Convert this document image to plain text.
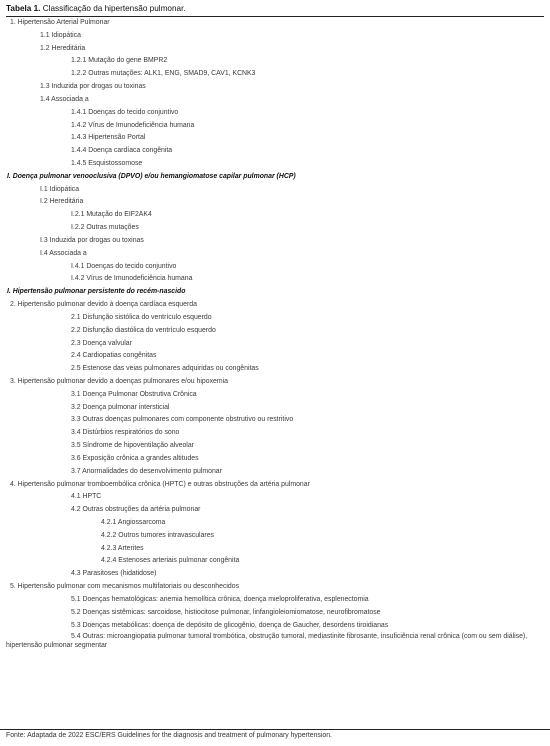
Tabela 1. Classificação da hipertensão pulmonar.
1. Hipertensão Arterial Pulmonar
1.1 Idiopática
1.2 Hereditária
1.2.1 Mutação do gene BMPR2
1.2.2 Outras mutações: ALK1, ENG, SMAD9, CAV1, KCNK3
1.3 Induzida por drogas ou toxinas
1.4 Associada a
1.4.1 Doenças do tecido conjuntivo
1.4.2 Vírus de Imunodeficiência humana
1.4.3 Hipertensão Portal
1.4.4 Doença cardíaca congênita
1.4.5 Esquistossomose
I. Doença pulmonar venooclusiva (DPVO) e/ou hemangiomatose capilar pulmonar (HCP)
I.1 Idiopática
I.2 Hereditária
I.2.1 Mutação do EIF2AK4
I.2.2 Outras mutações
I.3 Induzida por drogas ou toxinas
I.4 Associada a
I.4.1 Doenças do tecido conjuntivo
I.4.2 Vírus de Imunodeficiência humana
I. Hipertensão pulmonar persistente do recém-nascido
2. Hipertensão pulmonar devido à doença cardíaca esquerda
2.1 Disfunção sistólica do ventrículo esquerdo
2.2 Disfunção diastólica do ventrículo esquerdo
2.3 Doença valvular
2.4 Cardiopatias congênitas
2.5 Estenose das veias pulmonares adquiridas ou congênitas
3. Hipertensão pulmonar devido a doenças pulmonares e/ou hipoxemia
3.1 Doença Pulmonar Obstrutiva Crônica
3.2 Doença pulmonar intersticial
3.3 Outras doenças pulmonares com componente obstrutivo ou restritivo
3.4 Distúrbios respiratórios do sono
3.5 Síndrome de hipoventilação alveolar
3.6 Exposição crônica a grandes altitudes
3.7 Anormalidades do desenvolvimento pulmonar
4. Hipertensão pulmonar tromboembólica crônica (HPTC) e outras obstruções da artéria pulmonar
4.1 HPTC
4.2 Outras obstruções da artéria pulmonar
4.2.1 Angiossarcoma
4.2.2 Outros tumores intravasculares
4.2.3 Arterites
4.2.4 Estenoses arteriais pulmonar congênita
4.3 Parasitoses (hidatidose)
5. Hipertensão pulmonar com mecanismos multifatoriais ou desconhecidos
5.1 Doenças hematológicas: anemia hemolítica crônica, doença mieloproliferativa, esplenectomia
5.2 Doenças sistêmicas: sarcoidose, histiocitose pulmonar, linfangioleiomiomatose, neurofibromatose
5.3 Doenças metabólicas: doença de depósito de glicogênio, doença de Gaucher, desordens tiroidianas
5.4 Outras: microangiopatia pulmonar tumoral trombótica, obstrução tumoral, mediastinite fibrosante, insuficiência renal crônica (com ou sem diálise), hipertensão pulmonar segmentar
Fonte: Adaptada de 2022 ESC/ERS Guidelines for the diagnosis and treatment of pulmonary hypertension.
